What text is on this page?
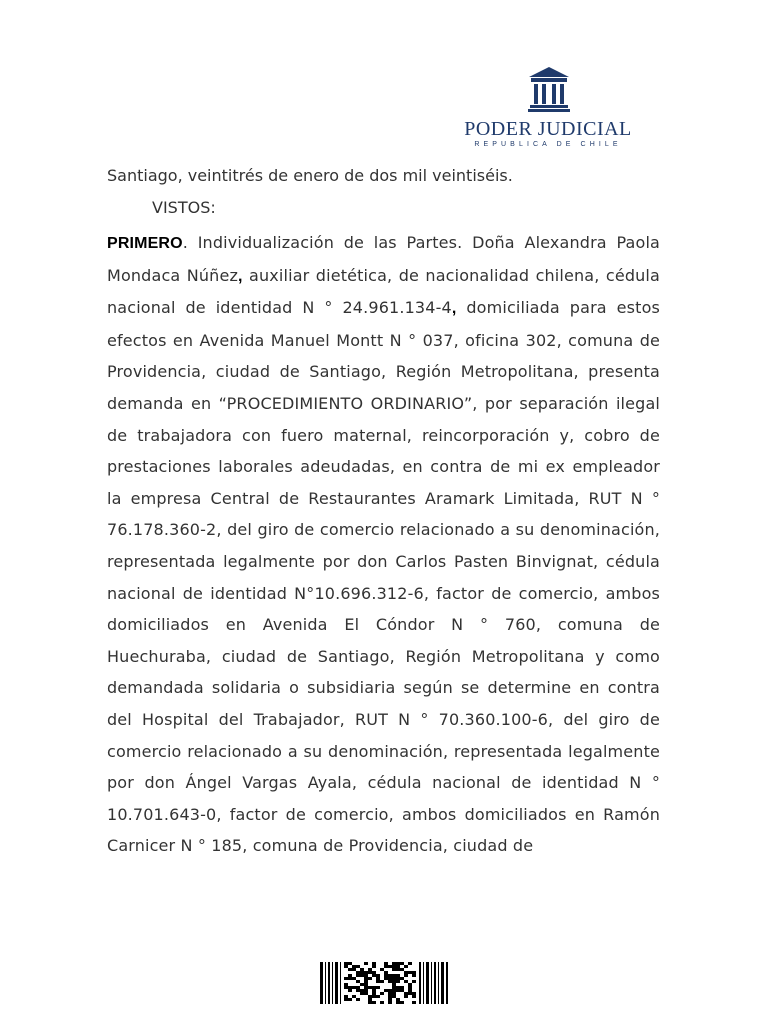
PODER JUDICIAL
REPUBLICA DE CHILE
Santiago, veintitrés de enero de dos mil veintiséis.
VISTOS:
PRIMERO. Individualización de las Partes. Doña Alexandra Paola Mondaca Núñez, auxiliar dietética, de nacionalidad chilena, cédula nacional de identidad N ° 24.961.134-4, domiciliada para estos efectos en Avenida Manuel Montt N ° 037, oficina 302, comuna de Providencia, ciudad de Santiago, Región Metropolitana, presenta demanda en “PROCEDIMIENTO ORDINARIO”, por separación ilegal de trabajadora con fuero maternal, reincorporación y, cobro de prestaciones laborales adeudadas, en contra de mi ex empleador la empresa Central de Restaurantes Aramark Limitada, RUT N ° 76.178.360-2, del giro de comercio relacionado a su denominación, representada legalmente por don Carlos Pasten Binvignat, cédula nacional de identidad N°10.696.312-6, factor de comercio, ambos domiciliados en Avenida El Cóndor N ° 760, comuna de Huechuraba, ciudad de Santiago, Región Metropolitana y como demandada solidaria o subsidiaria según se determine en contra del Hospital del Trabajador, RUT N ° 70.360.100-6, del giro de comercio relacionado a su denominación, representada legalmente por don Ángel Vargas Ayala, cédula nacional de identidad N ° 10.701.643-0, factor de comercio, ambos domiciliados en Ramón Carnicer N ° 185, comuna de Providencia, ciudad de
